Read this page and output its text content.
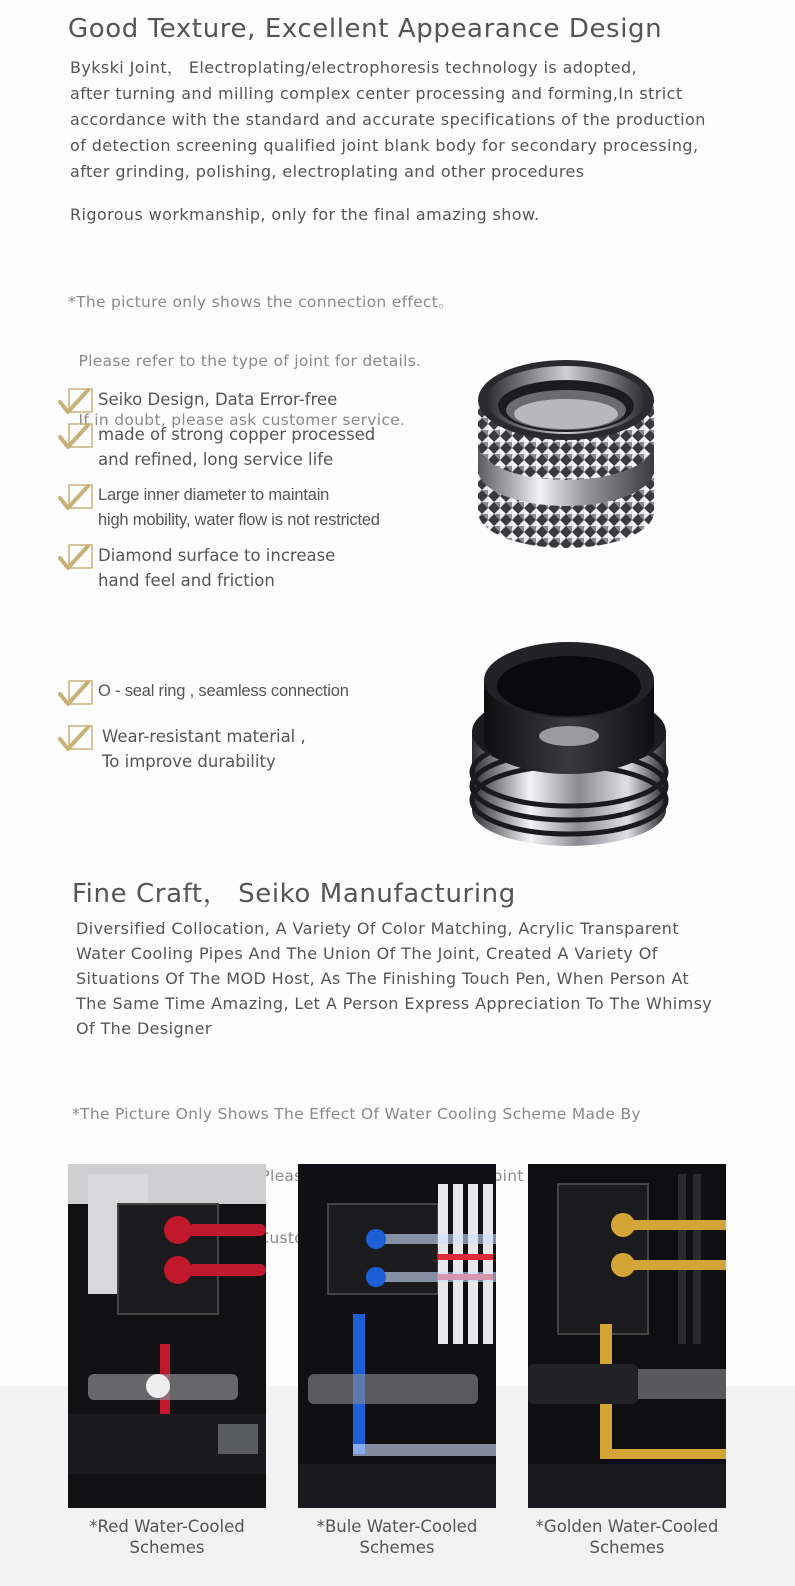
Good Texture, Excellent Appearance Design

Bykski Joint， Electroplating/electrophoresis technology is adopted,

after turning and milling complex center processing and forming,In strict

accordance with the standard and accurate specifications of the production

of detection screening qualified joint blank body for secondary processing,

after grinding, polishing, electroplating and other procedures

Rigorous workmanship, only for the final amazing show.

*The picture only shows the connection effect。

Please refer to the type of joint for details.

If in doubt, please ask customer service.

Seiko Design, Data Error-free
made of strong copper processed
and refined, long service life
Large inner diameter to maintain
high mobility, water flow is not restricted
Diamond surface to increase
hand feel and friction
O - seal ring , seamless connection
Wear-resistant material ,
To improve durability
Fine Craft， Seiko Manufacturing

Diversified Collocation, A Variety Of Color Matching, Acrylic Transparent

Water Cooling Pipes And The Union Of The Joint, Created A Variety Of

Situations Of The MOD Host, As The Finishing Touch Pen, When Person At

The Same Time Amazing, Let A Person Express Appreciation To The Whimsy

Of The Designer

*The Picture Only Shows The Effect Of Water Cooling Scheme Made By

Please      Joint

*Red Water-Cooled
Schemes
*Bule Water-Cooled
Schemes
*Golden Water-Cooled
Schemes
